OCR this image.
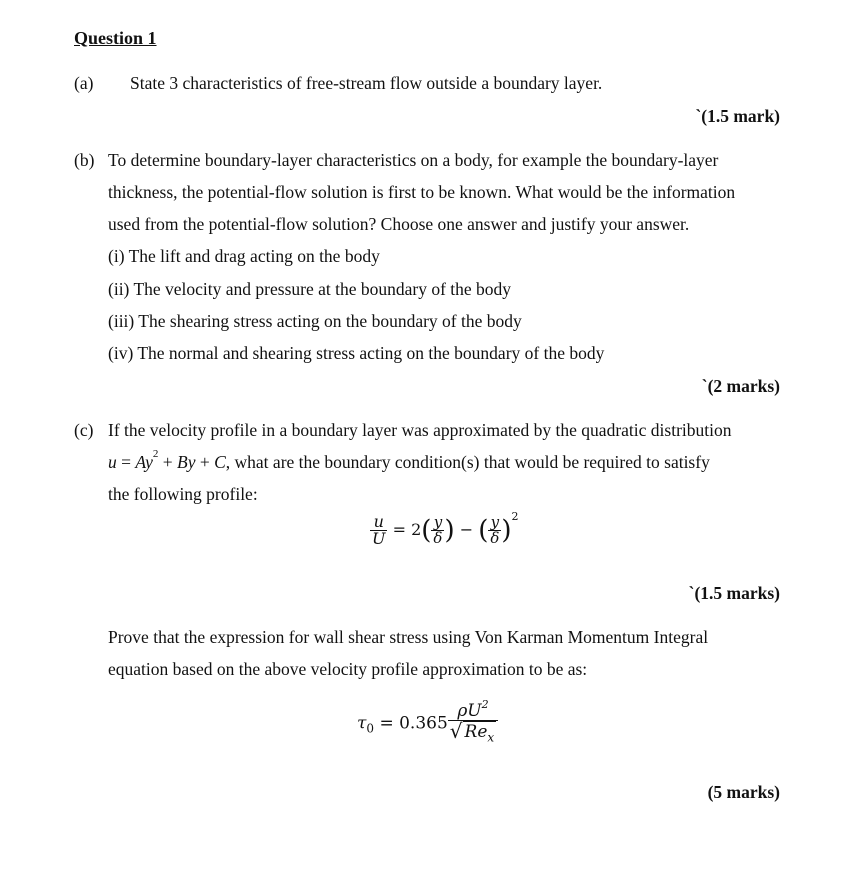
Question 1
(a) State 3 characteristics of free-stream flow outside a boundary layer.
`(1.5 mark)
(b) To determine boundary-layer characteristics on a body, for example the boundary-layer
thickness, the potential-flow solution is first to be known. What would be the information
used from the potential-flow solution? Choose one answer and justify your answer.
(i) The lift and drag acting on the body
(ii) The velocity and pressure at the boundary of the body
(iii) The shearing stress acting on the boundary of the body
(iv) The normal and shearing stress acting on the boundary of the body
`(2 marks)
(c) If the velocity profile in a boundary layer was approximated by the quadratic distribution
$u = Ay^2 + By + C$, what are the boundary condition(s) that would be required to satisfy
the following profile:
$\frac{u}{U} = 2( \frac{y}{\delta}$ ) − ( $\frac{y}{\delta} )^2$
`(1.5 marks)
Prove that the expression for wall shear stress using Von Karman Momentum Integral
equation based on the above velocity profile approximation to be as:
$\tau_0 = 0.365 \frac{\rho U^2}{√ Re_x}$
(5 marks)
